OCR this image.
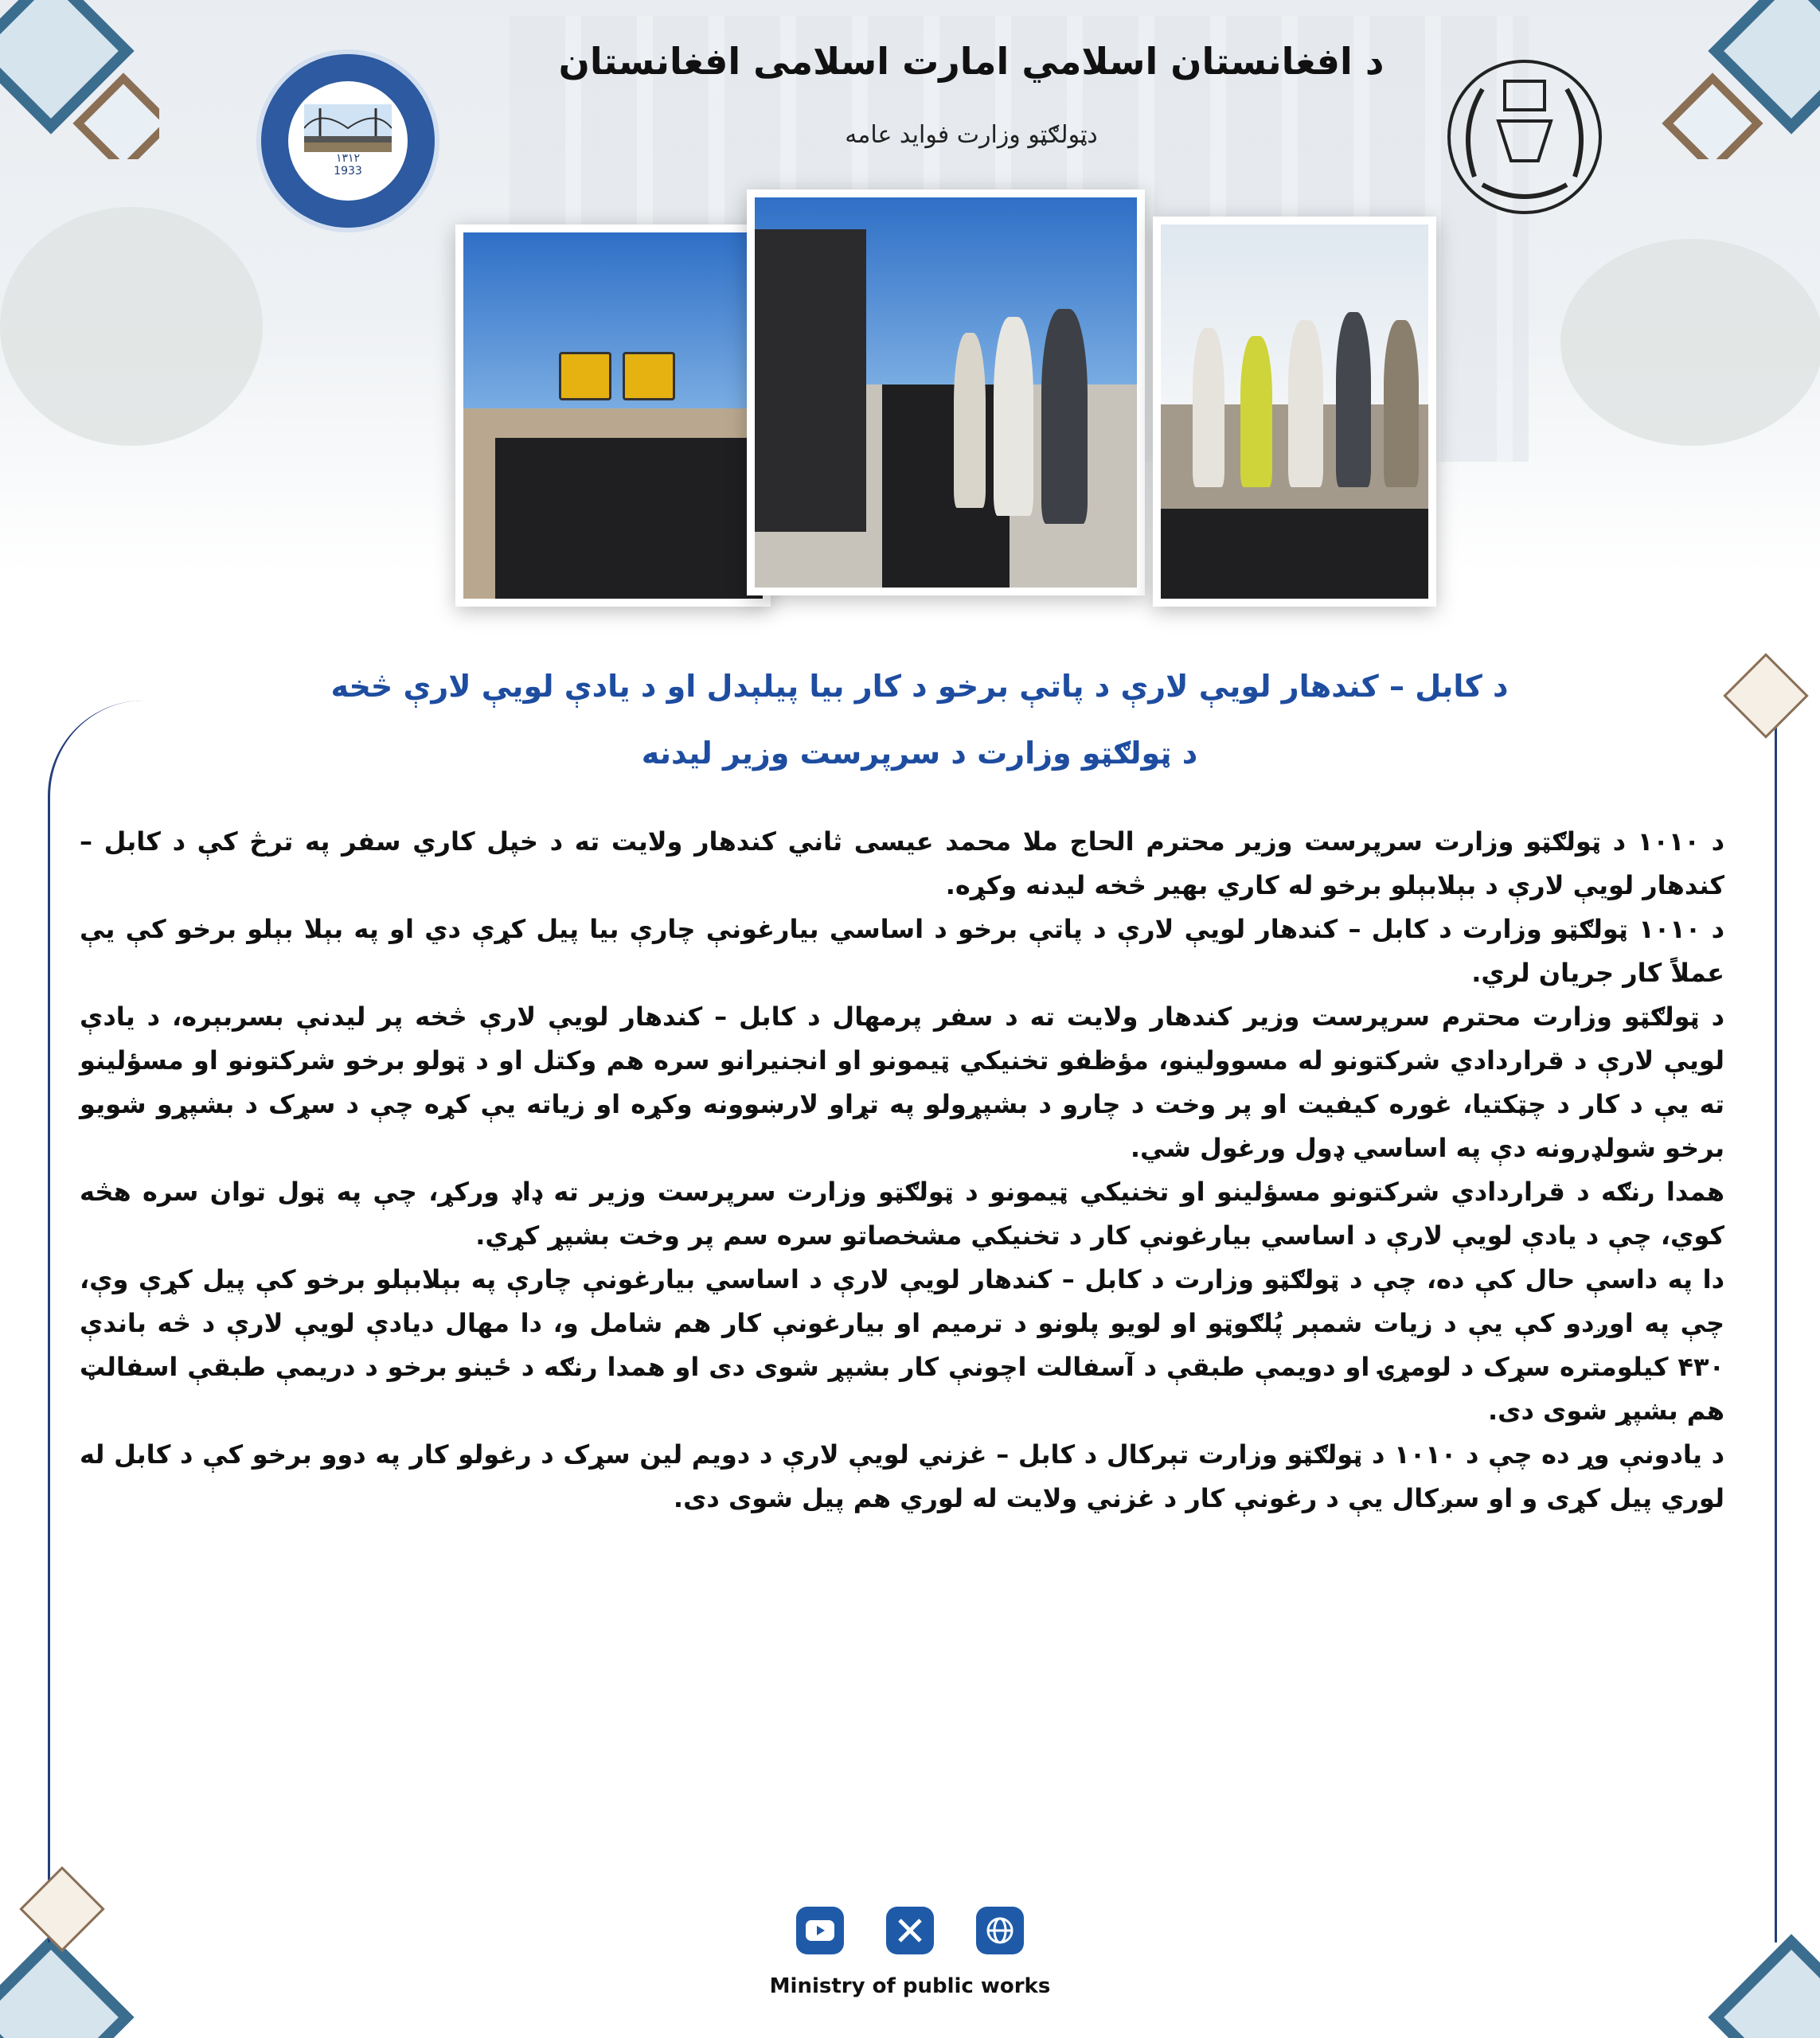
۱۳۱۲
1933
د افغانستان اسلامي امارت اسلامی افغانستان
دټولګټو وزارت فواید عامه
د کابل – کندهار لويې لارې د پاتې برخو د کار بيا پيلېدل او د يادې لويې لارې څخه
د ټولګټو وزارت د سرپرست وزير ليدنه

د ۱۰۱۰ د ټولګټو وزارت سرپرست وزير محترم الحاج ملا محمد عيسى ثاني کندهار ولايت ته د خپل کاري سفر په ترڅ کې د کابل – کندهار لويې لارې د بېلابېلو برخو له کاري بهير څخه ليدنه وکړه.

د ۱۰۱۰ ټولګټو وزارت د کابل – کندهار لويې لارې د پاتې برخو د اساسي بيارغونې چارې بيا پيل کړې دي او په بېلا بېلو برخو کې يې عملاً کار جريان لري.

د ټولګټو وزارت محترم سرپرست وزير کندهار ولايت ته د سفر پرمهال د کابل – کندهار لويې لارې څخه پر ليدنې بسربېره، د يادې لويې لارې د قراردادي شرکتونو له مسوولينو، مؤظفو تخنيکي ټيمونو او انجنيرانو سره هم وکتل او د ټولو برخو شرکتونو او مسؤلينو ته يې د کار د چټکتيا، غوره کيفيت او پر وخت د چارو د بشپړولو په تړاو لارښوونه وکړه او زياته يې کړه چې د سړک د بشپړو شويو برخو شولډرونه دې په اساسي ډول ورغول شي.

همدا رنګه د قراردادي شرکتونو مسؤلينو او تخنيکي ټيمونو د ټولګټو وزارت سرپرست وزير ته ډاډ ورکړ، چې په ټول توان سره هڅه کوي، چې د يادې لويې لارې د اساسي بيارغونې کار د تخنيکي مشخصاتو سره سم پر وخت بشپړ کړي.

دا په داسې حال کې ده، چې د ټولګټو وزارت د کابل – کندهار لويې لارې د اساسي بيارغونې چارې په بېلابېلو برخو کې پيل کړې وې، چې په اوږدو کې يې د زيات شمېر پُلګوټو او لويو پلونو د ترميم او بيارغونې کار هم شامل و، دا مهال ديادې لويې لارې د څه باندې ۴۳۰ کيلومتره سړک د لومړۍ او دويمې طبقې د آسفالت اچونې کار بشپړ شوی دی او همدا رنګه د ځينو برخو د دريمې طبقې اسفالټ هم بشپړ شوی دی.

د يادونې وړ ده چې د ۱۰۱۰ د ټولګټو وزارت تېرکال د کابل – غزني لويې لارې د دويم لين سړک د رغولو کار په دوو برخو کې د کابل له لوري پيل کړی و او سږکال يې د رغونې کار د غزني ولايت له لوري هم پيل شوی دی.

Ministry of public works
